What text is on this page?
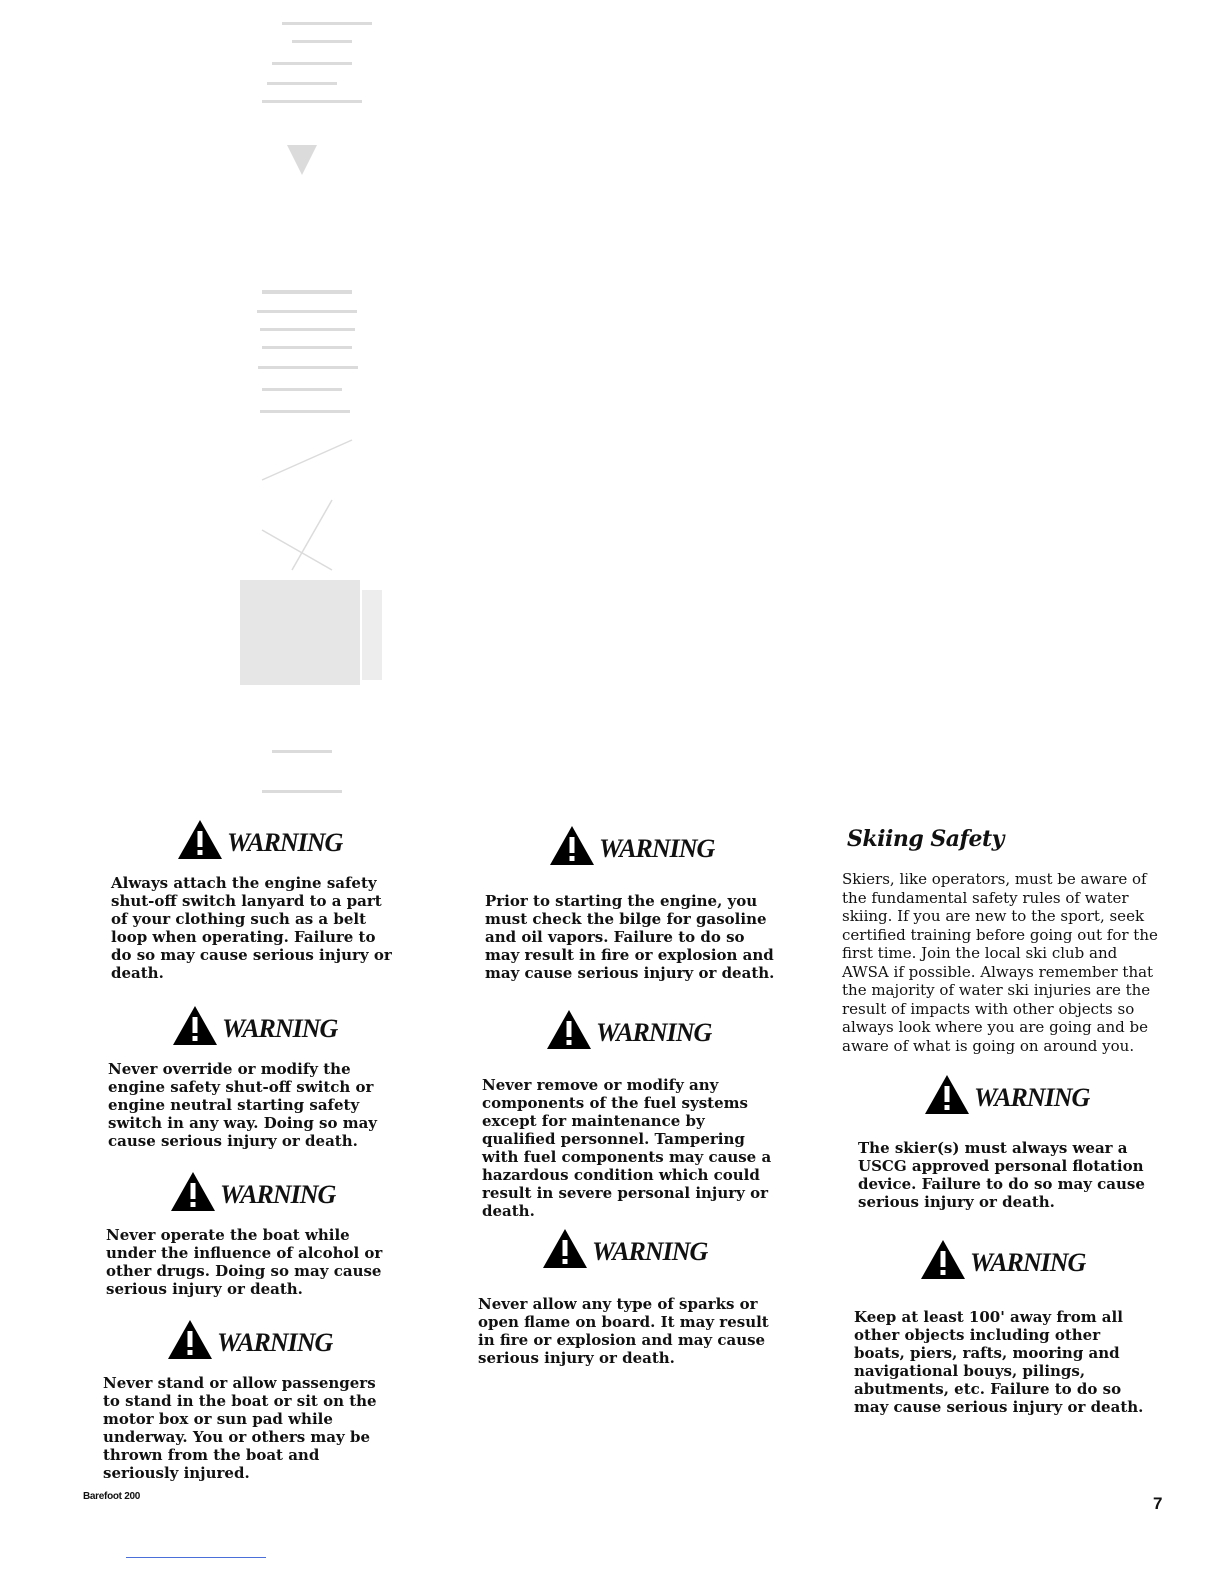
WARNING

Always attach the engine safety shut-off switch lanyard to a part of your clothing such as a belt loop when operating. Failure to do so may cause serious injury or death.

WARNING

Never override or modify the engine safety shut-off switch or engine neutral starting safety switch in any way. Doing so may cause serious injury or death.

WARNING

Never operate the boat while under the influence of alcohol or other drugs. Doing so may cause serious injury or death.

WARNING

Never stand or allow passengers to stand in the boat or sit on the motor box or sun pad while underway. You or others may be thrown from the boat and seriously injured.

WARNING

Prior to starting the engine, you must check the bilge for gasoline and oil vapors. Failure to do so may result in fire or explosion and may cause serious injury or death.

WARNING

Never remove or modify any components of the fuel systems except for maintenance by qualified personnel. Tampering with fuel components may cause a hazardous condition which could result in severe personal injury or death.

WARNING

Never allow any type of sparks or open flame on board. It may result in fire or explosion and may cause serious injury or death.

Skiing Safety

Skiers, like operators, must be aware of the fundamental safety rules of water skiing. If you are new to the sport, seek certified training before going out for the first time. Join the local ski club and AWSA if possible. Always remember that the majority of water ski injuries are the result of impacts with other objects so always look where you are going and be aware of what is going on around you.

WARNING

The skier(s) must always wear a USCG approved personal flotation device. Failure to do so may cause serious injury or death.

WARNING

Keep at least 100' away from all other objects including other boats, piers, rafts, mooring and navigational bouys, pilings, abutments, etc. Failure to do so may cause serious injury or death.

Barefoot 200	7
